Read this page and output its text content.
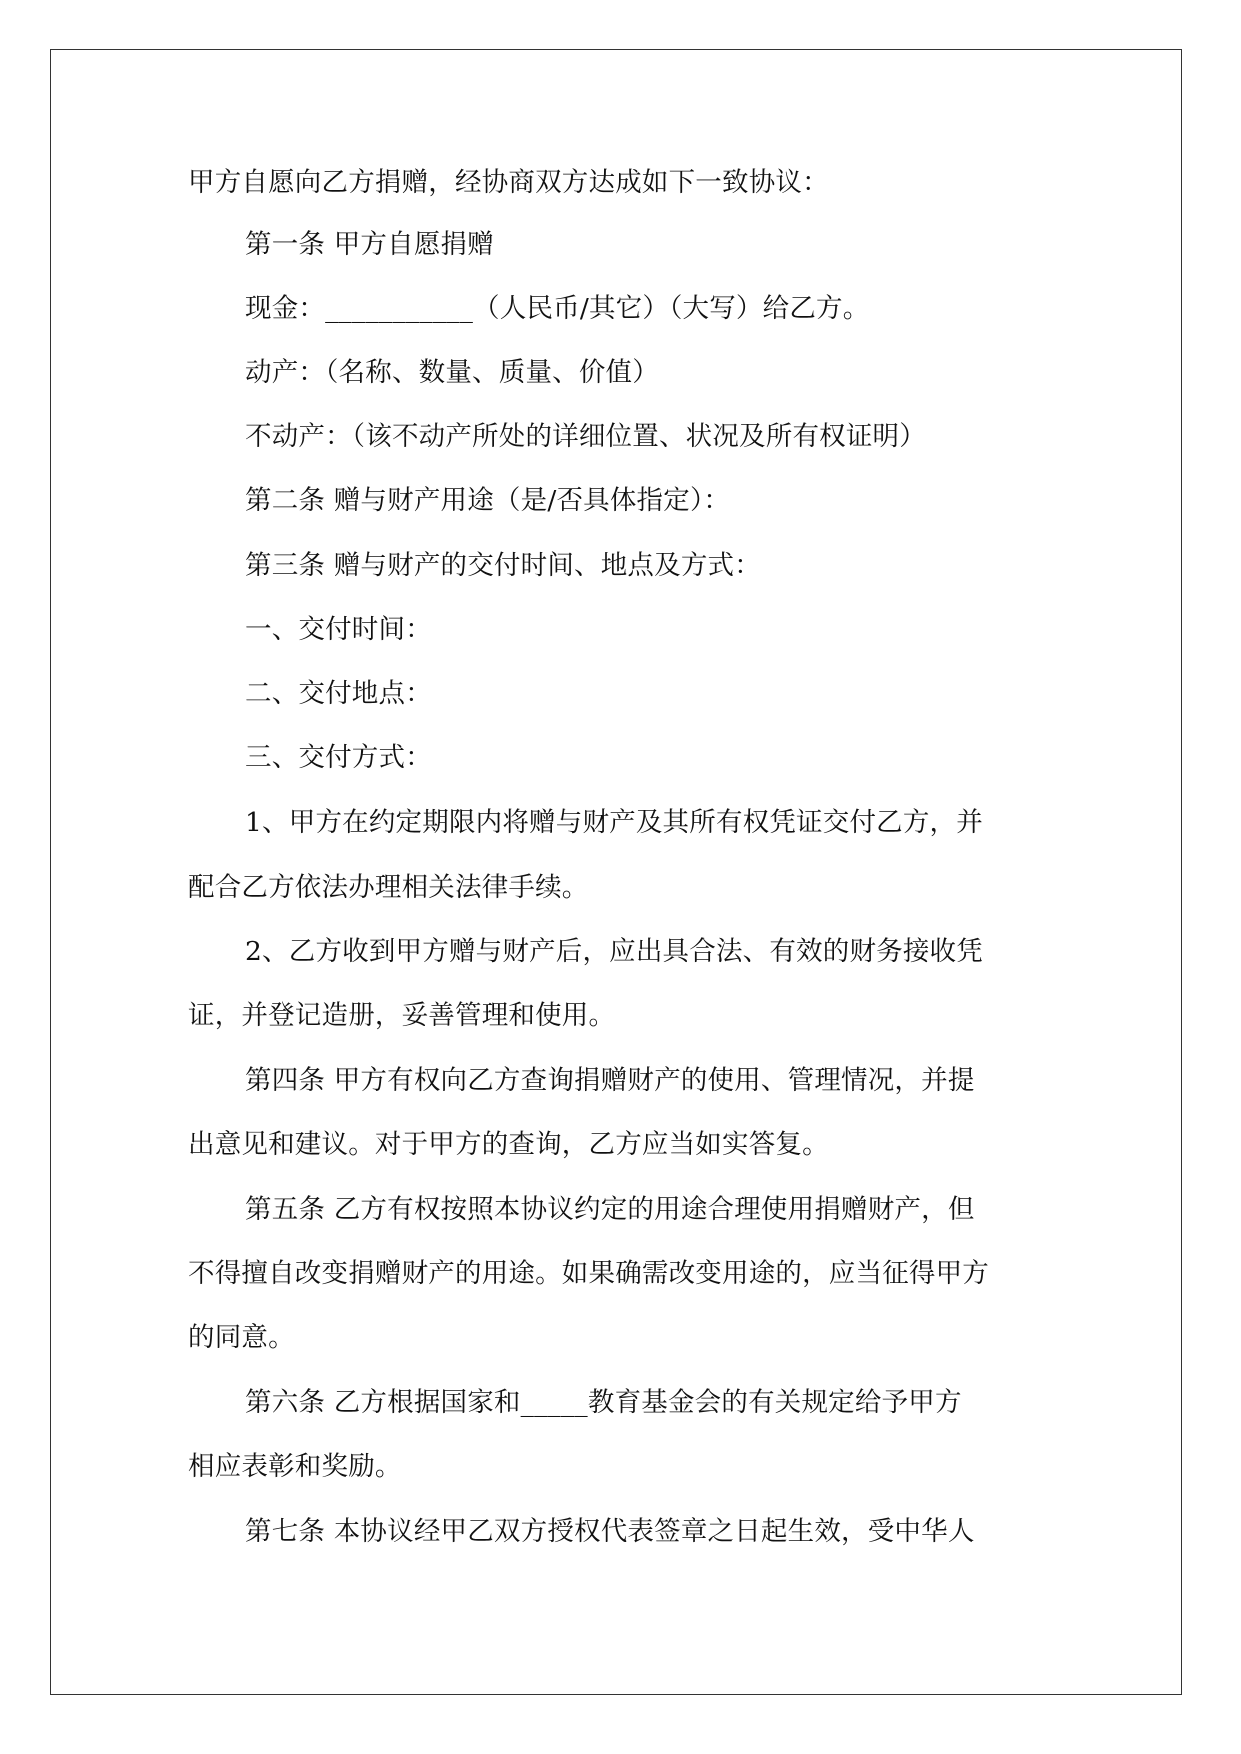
甲方自愿向乙方捐赠，经协商双方达成如下一致协议：
第一条 甲方自愿捐赠
现金：___________（人民币/其它）（大写）给乙方。
动产：（名称、数量、质量、价值）
不动产：（该不动产所处的详细位置、状况及所有权证明）
第二条 赠与财产用途（是/否具体指定）：
第三条 赠与财产的交付时间、地点及方式：
一、交付时间：
二、交付地点：
三、交付方式：
1、甲方在约定期限内将赠与财产及其所有权凭证交付乙方，并
配合乙方依法办理相关法律手续。
2、乙方收到甲方赠与财产后，应出具合法、有效的财务接收凭
证，并登记造册，妥善管理和使用。
第四条 甲方有权向乙方查询捐赠财产的使用、管理情况，并提
出意见和建议。对于甲方的查询，乙方应当如实答复。
第五条 乙方有权按照本协议约定的用途合理使用捐赠财产，但
不得擅自改变捐赠财产的用途。如果确需改变用途的，应当征得甲方
的同意。
第六条 乙方根据国家和_____教育基金会的有关规定给予甲方
相应表彰和奖励。
第七条 本协议经甲乙双方授权代表签章之日起生效，受中华人
